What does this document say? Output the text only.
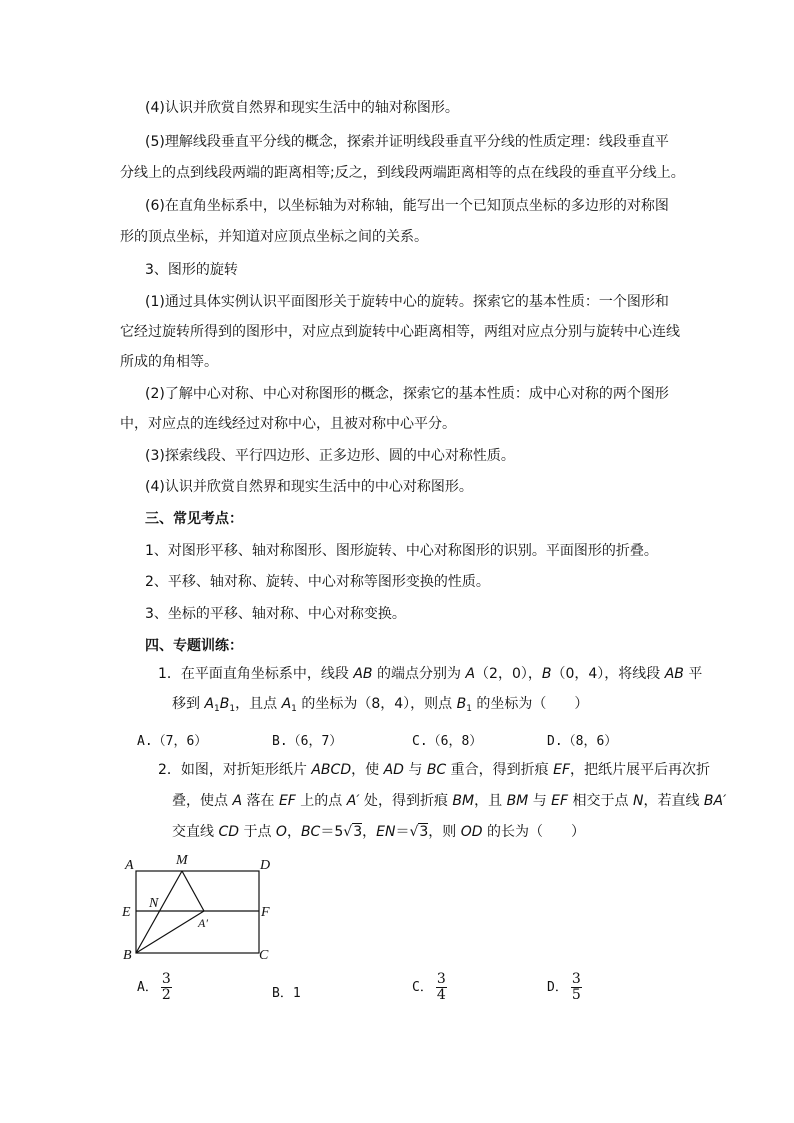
(4)认识并欣赏自然界和现实生活中的轴对称图形。
(5)理解线段垂直平分线的概念，探索并证明线段垂直平分线的性质定理：线段垂直平
分线上的点到线段两端的距离相等;反之，到线段两端距离相等的点在线段的垂直平分线上。
(6)在直角坐标系中，以坐标轴为对称轴，能写出一个已知顶点坐标的多边形的对称图
形的顶点坐标，并知道对应顶点坐标之间的关系。
3、图形的旋转
(1)通过具体实例认识平面图形关于旋转中心的旋转。探索它的基本性质：一个图形和
它经过旋转所得到的图形中，对应点到旋转中心距离相等，两组对应点分别与旋转中心连线
所成的角相等。
(2)了解中心对称、中心对称图形的概念，探索它的基本性质：成中心对称的两个图形
中，对应点的连线经过对称中心，且被对称中心平分。
(3)探索线段、平行四边形、正多边形、圆的中心对称性质。
(4)认识并欣赏自然界和现实生活中的中心对称图形。
三、常见考点：
1、对图形平移、轴对称图形、图形旋转、中心对称图形的识别。平面图形的折叠。
2、平移、轴对称、旋转、中心对称等图形变换的性质。
3、坐标的平移、轴对称、中心对称变换。
四、专题训练：
1．在平面直角坐标系中，线段 AB 的端点分别为 A（2，0），B（0，4），将线段 AB 平
移到 $A_1B_1$，且点 $A_1$ 的坐标为（8，4），则点 $B_1$ 的坐标为（　　）
A.（7，6）	B.（6，7）	C.（6，8）	D.（8，6）
2．如图，对折矩形纸片 ABCD，使 AD 与 BC 重合，得到折痕 EF，把纸片展平后再次折
叠，使点 A 落在 EF 上的点 A′ 处，得到折痕 BM，且 BM 与 EF 相交于点 N，若直线 BA′
交直线 CD 于点 O，BC＝5√3，EN＝√3，则 OD 的长为（　　）
A	M	D
N
E	F
A′
B	C
A． $\frac{3}{2}$	B．1	C． $\frac{3}{4}$	D． $\frac{3}{5}$
